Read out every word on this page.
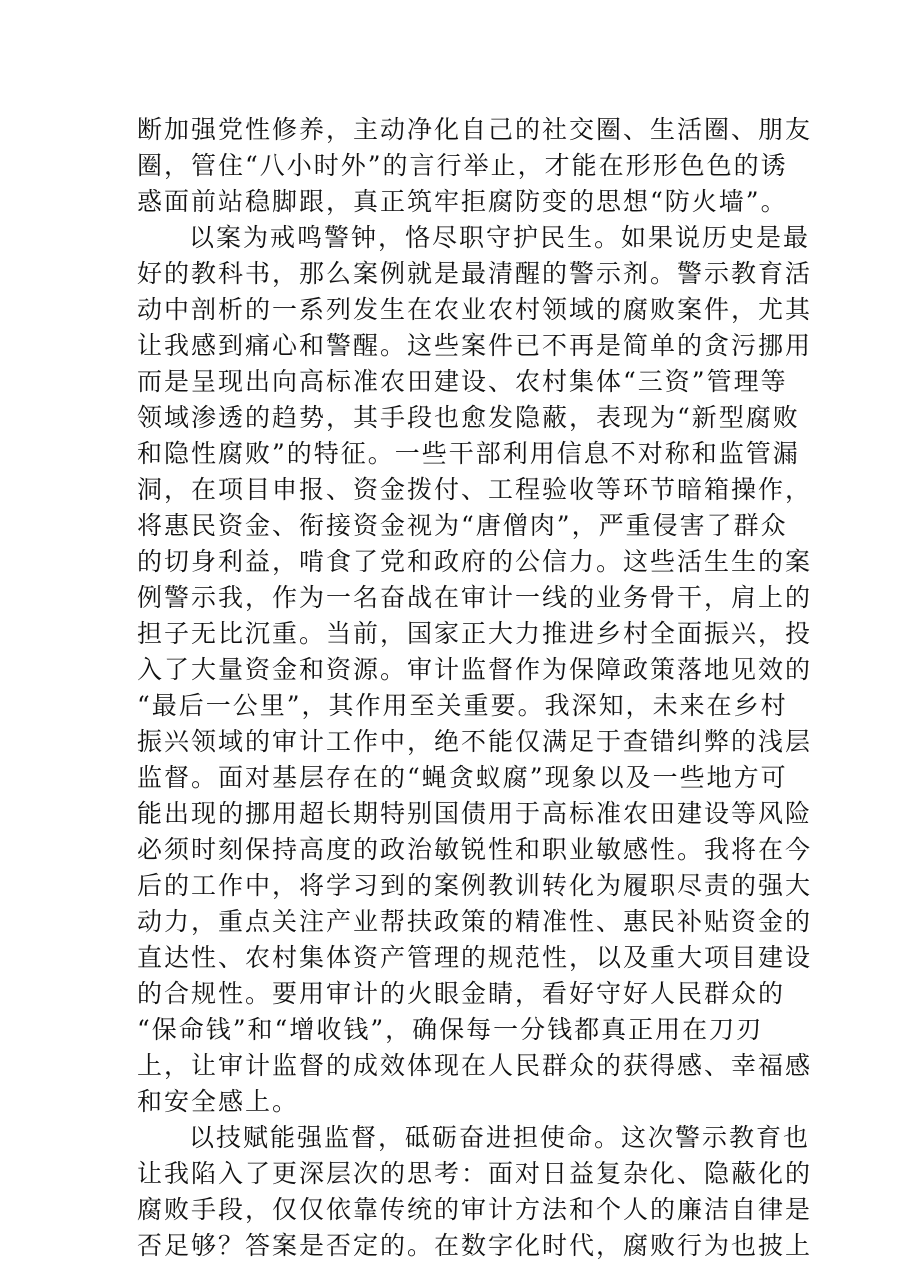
断加强党性修养，主动净化自己的社交圈、生活圈、朋友
圈，管住“八小时外”的言行举止，才能在形形色色的诱
惑面前站稳脚跟，真正筑牢拒腐防变的思想“防火墙”。
以案为戒鸣警钟，恪尽职守护民生。如果说历史是最
好的教科书，那么案例就是最清醒的警示剂。警示教育活
动中剖析的一系列发生在农业农村领域的腐败案件，尤其
让我感到痛心和警醒。这些案件已不再是简单的贪污挪用
而是呈现出向高标准农田建设、农村集体“三资”管理等
领域渗透的趋势，其手段也愈发隐蔽，表现为“新型腐败
和隐性腐败”的特征。一些干部利用信息不对称和监管漏
洞，在项目申报、资金拨付、工程验收等环节暗箱操作，
将惠民资金、衔接资金视为“唐僧肉”，严重侵害了群众
的切身利益，啃食了党和政府的公信力。这些活生生的案
例警示我，作为一名奋战在审计一线的业务骨干，肩上的
担子无比沉重。当前，国家正大力推进乡村全面振兴，投
入了大量资金和资源。审计监督作为保障政策落地见效的
“最后一公里”，其作用至关重要。我深知，未来在乡村
振兴领域的审计工作中，绝不能仅满足于查错纠弊的浅层
监督。面对基层存在的“蝇贪蚁腐”现象以及一些地方可
能出现的挪用超长期特别国债用于高标准农田建设等风险
必须时刻保持高度的政治敏锐性和职业敏感性。我将在今
后的工作中，将学习到的案例教训转化为履职尽责的强大
动力，重点关注产业帮扶政策的精准性、惠民补贴资金的
直达性、农村集体资产管理的规范性，以及重大项目建设
的合规性。要用审计的火眼金睛，看好守好人民群众的
“保命钱”和“增收钱”，确保每一分钱都真正用在刀刃
上，让审计监督的成效体现在人民群众的获得感、幸福感
和安全感上。
以技赋能强监督，砥砺奋进担使命。这次警示教育也
让我陷入了更深层次的思考：面对日益复杂化、隐蔽化的
腐败手段，仅仅依靠传统的审计方法和个人的廉洁自律是
否足够？答案是否定的。在数字化时代，腐败行为也披上
